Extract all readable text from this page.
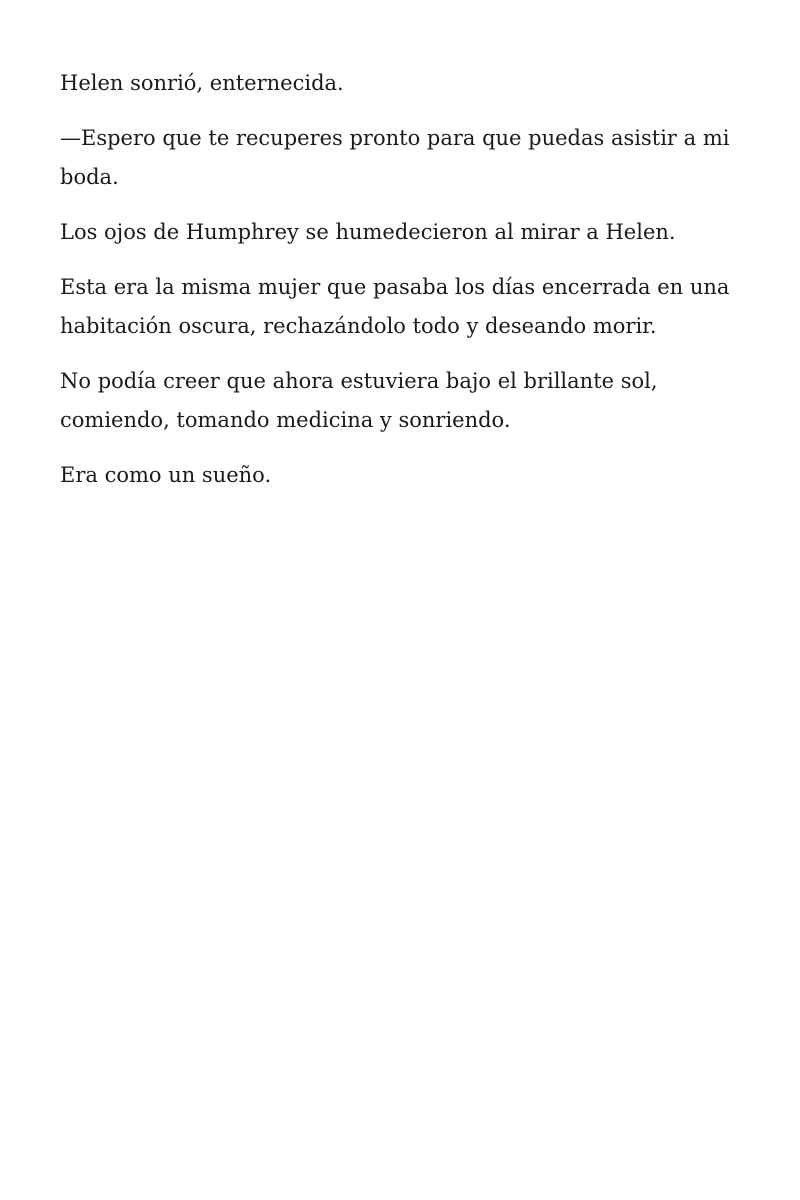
Helen sonrió, enternecida.

—Espero que te recuperes pronto para que puedas asistir a mi boda.

Los ojos de Humphrey se humedecieron al mirar a Helen.

Esta era la misma mujer que pasaba los días encerrada en una habitación oscura, rechazándolo todo y deseando morir.

No podía creer que ahora estuviera bajo el brillante sol, comiendo, tomando medicina y sonriendo.

Era como un sueño.
